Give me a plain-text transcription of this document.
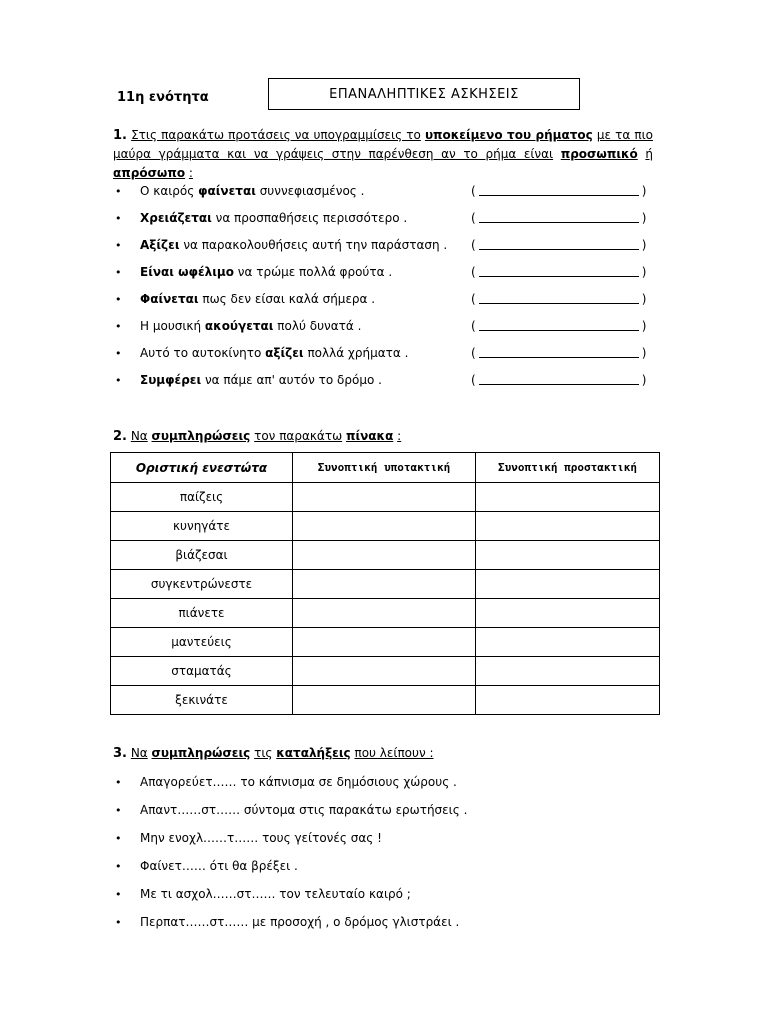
11η ενότητα	ΕΠΑΝΑΛΗΠΤΙΚΕΣ ΑΣΚΗΣΕΙΣ
1. Στις παρακάτω προτάσεις να υπογραμμίσεις το υποκείμενο του ρήματος με τα πιο μαύρα γράμματα και να γράψεις στην παρένθεση αν το ρήμα είναι προσωπικό ή απρόσωπο :
• Ο καιρός φαίνεται συννεφιασμένος .	(	)
• Χρειάζεται να προσπαθήσεις περισσότερο .	(	)
• Αξίζει να παρακολουθήσεις αυτή την παράσταση . (	)
• Είναι ωφέλιμο να τρώμε πολλά φρούτα .	(	)
• Φαίνεται πως δεν είσαι καλά σήμερα .	(	)
• Η μουσική ακούγεται πολύ δυνατά .	(	)
• Αυτό το αυτοκίνητο αξίζει πολλά χρήματα .	(	)
• Συμφέρει να πάμε απ' αυτόν το δρόμο .	(	)
2. Να συμπληρώσεις τον παρακάτω πίνακα :
Οριστική ενεστώτα	Συνοπτική υποτακτική	Συνοπτική προστακτική
παίζεις		
κυνηγάτε		
βιάζεσαι		
συγκεντρώνεστε		
πιάνετε		
μαντεύεις		
σταματάς		
ξεκινάτε		
3. Να συμπληρώσεις τις καταλήξεις που λείπουν :
• Απαγορεύετ…… το κάπνισμα σε δημόσιους χώρους .
• Απαντ……στ…… σύντομα στις παρακάτω ερωτήσεις .
• Μην ενοχλ……τ…… τους γείτονές σας !
• Φαίνετ…… ότι θα βρέξει .
• Με τι ασχολ……στ…… τον τελευταίο καιρό ;
• Περπατ……στ…… με προσοχή , ο δρόμος γλιστράει .
